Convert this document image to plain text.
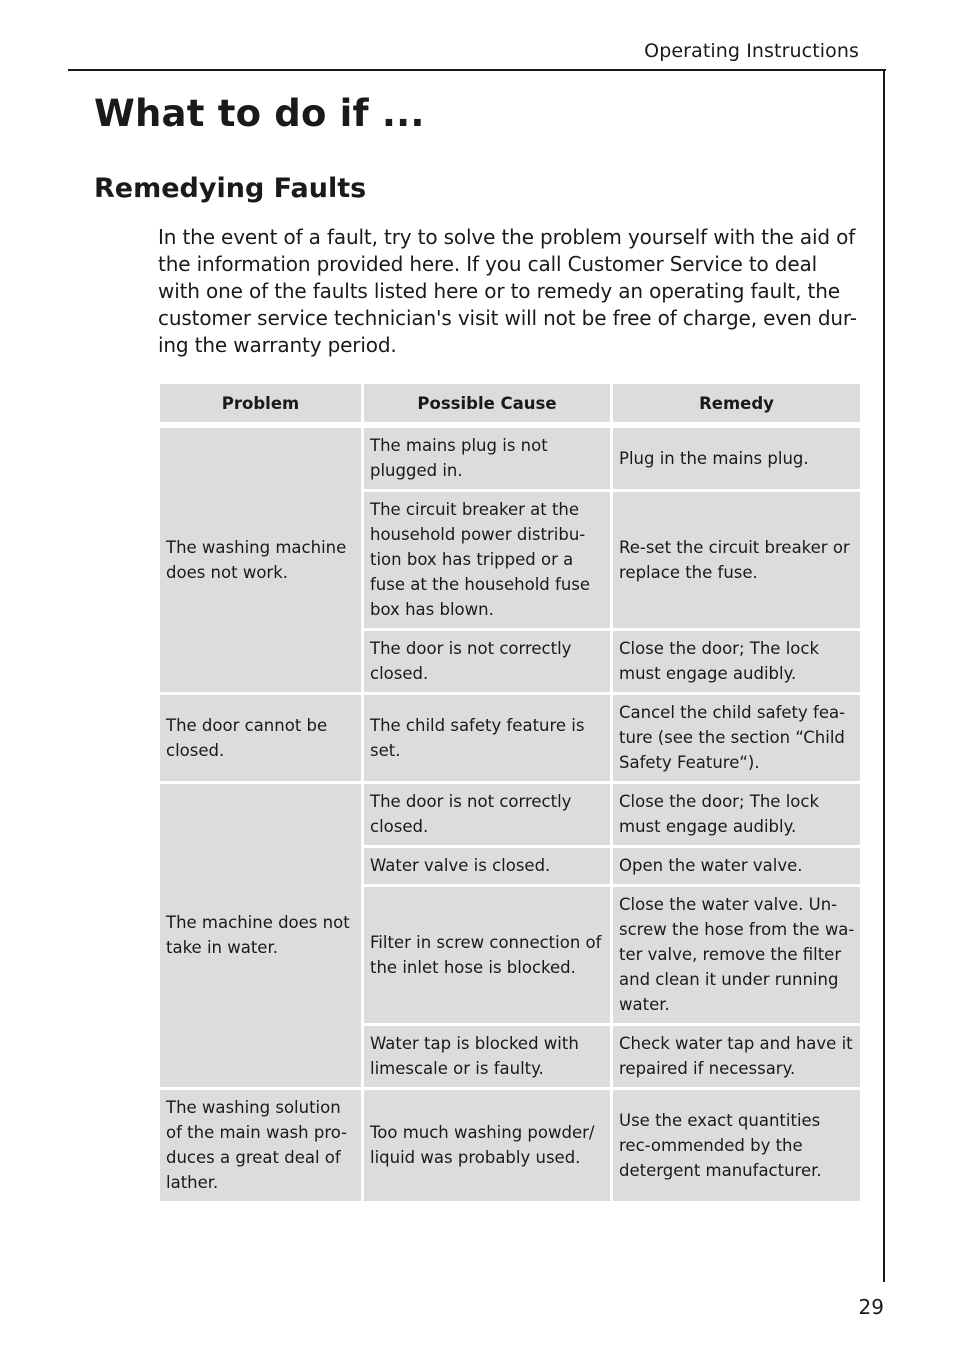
Operating Instructions
What to do if ...
Remedying Faults

In the event of a fault, try to solve the problem yourself with the aid of the information provided here. If you call Customer Service to deal with one of the faults listed here or to remedy an operating fault, the customer service technician's visit will not be free of charge, even dur-ing the warranty period.

Problem	Possible Cause	Remedy

The washing machine does not work.	The mains plug is not plugged in.	Plug in the mains plug.
	The circuit breaker at the household power distribu-tion box has tripped or a fuse at the household fuse box has blown.	Re-set the circuit breaker or replace the fuse.
	The door is not correctly closed.	Close the door; The lock must engage audibly.
The door cannot be closed.	The child safety feature is set.	Cancel the child safety fea-ture (see the section “Child Safety Feature“).
The machine does not take in water.	The door is not correctly closed.	Close the door; The lock must engage audibly.
	Water valve is closed.	Open the water valve.
	Filter in screw connection of the inlet hose is blocked.	Close the water valve. Un-screw the hose from the wa-ter valve, remove the filter and clean it under running water.
	Water tap is blocked with limescale or is faulty.	Check water tap and have it repaired if necessary.
The washing solution of the main wash pro-duces a great deal of lather.	Too much washing powder/ liquid was probably used.	Use the exact quantities rec-ommended by the detergent manufacturer.
29
